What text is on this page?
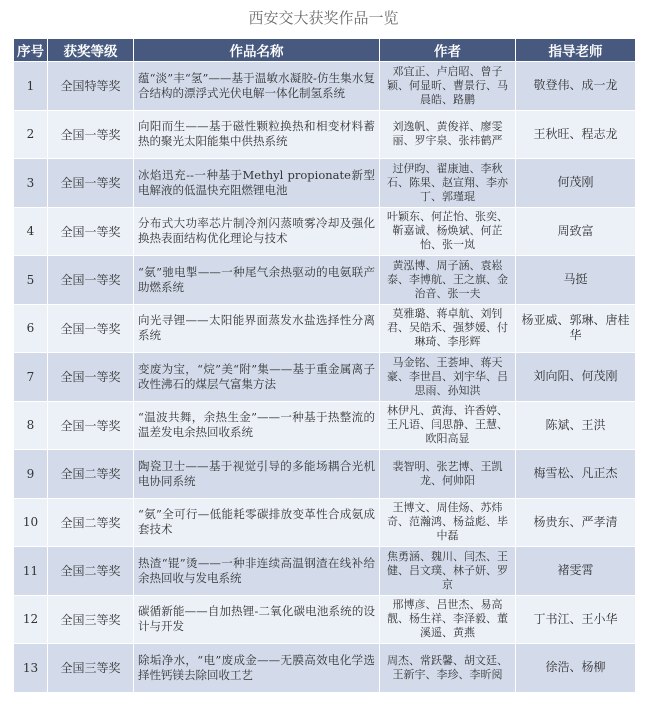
西安交大获奖作品一览
序号	获奖等级	作品名称	作者	指导老师
1	全国特等奖	蕴“淡”丰“氢”——基于温敏水凝胶-仿生集水复合结构的漂浮式光伏电解一体化制氢系统	邓宜正、卢启昭、曾子颖、何显昕、曹景行、马晨皓、路鹏	敬登伟、成一龙
2	全国一等奖	向阳而生——基于磁性颗粒换热和相变材料蓄热的聚光太阳能集中供热系统	刘逸帆、黄俊祥、廖雯丽、罗宇泉、张祎鹤严	王秋旺、程志龙
3	全国一等奖	冰焰迅充--一种基于Methyl propionate新型电解液的低温快充阻燃锂电池	过伊昀、翟康迪、李秋石、陈果、赵宣翔、李亦丁、郭瑾琨	何茂刚
4	全国一等奖	分布式大功率芯片制冷剂闪蒸喷雾冷却及强化换热表面结构优化理论与技术	叶颖东、何芷怡、张奕、靳嘉诚、杨焕斌、何芷怡、张一岚	周致富
5	全国一等奖	“氨”驰电掣——一种尾气余热驱动的电氨联产助燃系统	黄泓博、周子涵、袁崧泰、李博航、王之旗、金治音、张一夫	马挺
6	全国一等奖	向光寻锂——太阳能界面蒸发水盐选择性分离系统	莫雅璐、蒋卓航、刘钊君、吴皓禾、强梦媛、付琳琦、李彤辉	杨亚威、郭琳、唐桂华
7	全国一等奖	变废为宝，“烷”美“附”集——基于重金属离子改性沸石的煤层气富集方法	马金铭、王荟坤、蒋天豪、李世昌、刘宇华、吕思雨、孙知洪	刘向阳、何茂刚
8	全国一等奖	“温波共舞，余热生金”——一种基于热整流的温差发电余热回收系统	林伊凡、黄海、许香婷、王凡语、闫思静、王慧、欧阳高显	陈斌、王洪
9	全国二等奖	陶瓷卫士——基于视觉引导的多能场耦合光机电协同系统	裴智明、张艺博、王凯龙、何帅阳	梅雪松、凡正杰
10	全国二等奖	“氨”全可行—低能耗零碳排放变革性合成氨成套技术	王博文、周佳炀、苏炜奇、范瀚鸿、杨益彪、毕中磊	杨贵东、严孝清
11	全国二等奖	热渣“锟”烫——一种非连续高温钢渣在线补给余热回收与发电系统	焦勇涵、魏川、闫杰、王健、吕文璞、林子妍、罗京	褚雯霄
12	全国三等奖	碳循新能——自加热锂-二氧化碳电池系统的设计与开发	邢博彦、吕世杰、易高靓、杨生祥、李泽毅、董溪遥、黄燕	丁书江、王小华
13	全国三等奖	除垢净水，“电”废成金——无膜高效电化学选择性钙镁去除回收工艺	周杰、常跃馨、胡文廷、王新宇、李珍、李昕阅	徐浩、杨柳
